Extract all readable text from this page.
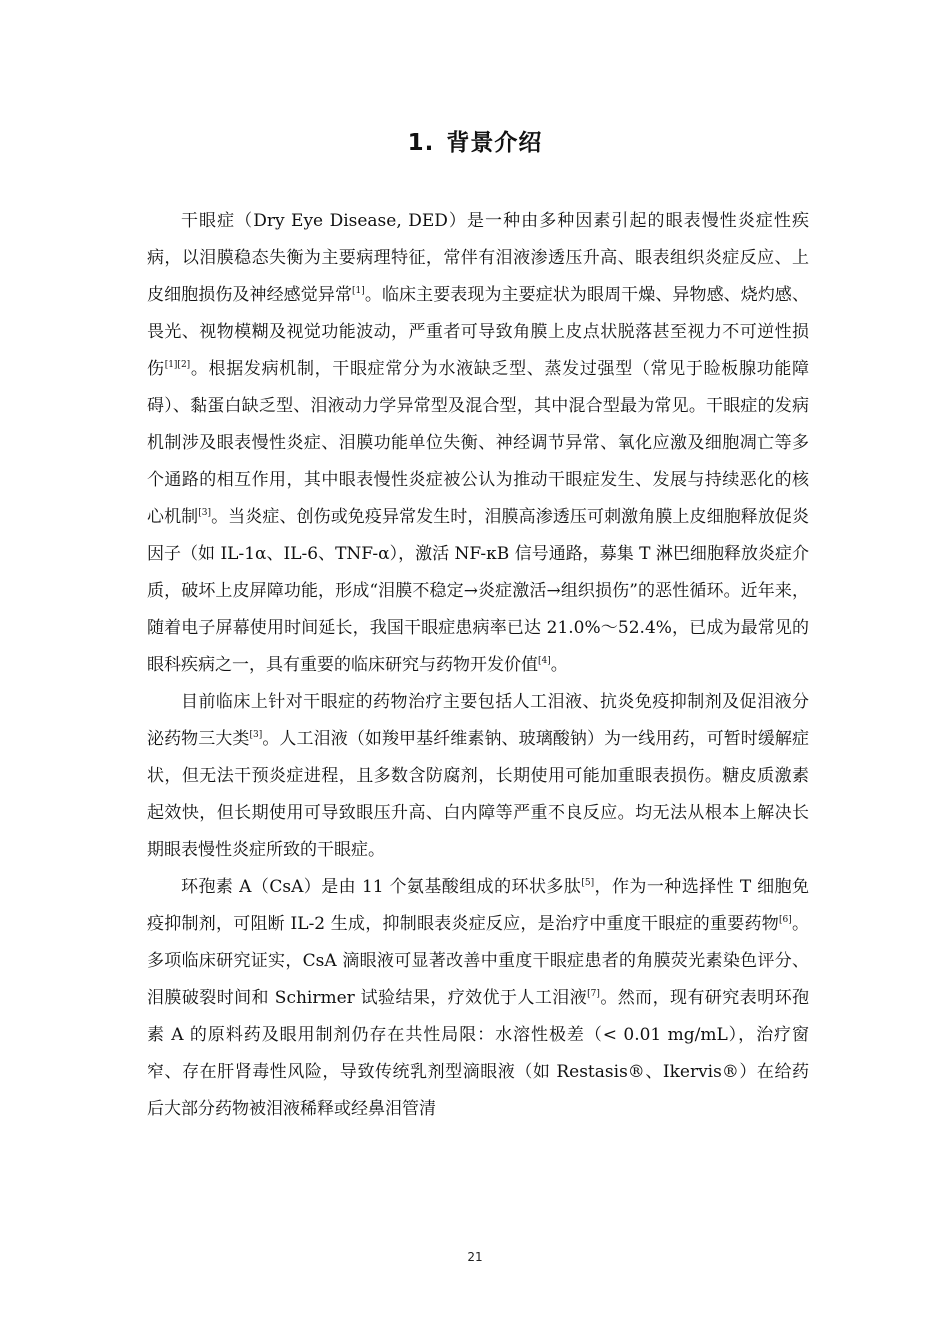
1. 背景介绍

干眼症（Dry Eye Disease, DED）是一种由多种因素引起的眼表慢性炎症性疾病，以泪膜稳态失衡为主要病理特征，常伴有泪液渗透压升高、眼表组织炎症反应、上皮细胞损伤及神经感觉异常[1]。临床主要表现为主要症状为眼周干燥、异物感、烧灼感、畏光、视物模糊及视觉功能波动，严重者可导致角膜上皮点状脱落甚至视力不可逆性损伤[1][2]。根据发病机制，干眼症常分为水液缺乏型、蒸发过强型（常见于睑板腺功能障碍）、黏蛋白缺乏型、泪液动力学异常型及混合型，其中混合型最为常见。干眼症的发病机制涉及眼表慢性炎症、泪膜功能单位失衡、神经调节异常、氧化应激及细胞凋亡等多个通路的相互作用，其中眼表慢性炎症被公认为推动干眼症发生、发展与持续恶化的核心机制[3]。当炎症、创伤或免疫异常发生时，泪膜高渗透压可刺激角膜上皮细胞释放促炎因子（如 IL-1α、IL-6、TNF-α），激活 NF-κB 信号通路，募集 T 淋巴细胞释放炎症介质，破坏上皮屏障功能，形成“泪膜不稳定→炎症激活→组织损伤”的恶性循环。近年来，随着电子屏幕使用时间延长，我国干眼症患病率已达 21.0%～52.4%，已成为最常见的眼科疾病之一，具有重要的临床研究与药物开发价值[4]。

目前临床上针对干眼症的药物治疗主要包括人工泪液、抗炎免疫抑制剂及促泪液分泌药物三大类[3]。人工泪液（如羧甲基纤维素钠、玻璃酸钠）为一线用药，可暂时缓解症状，但无法干预炎症进程，且多数含防腐剂，长期使用可能加重眼表损伤。糖皮质激素起效快，但长期使用可导致眼压升高、白内障等严重不良反应。均无法从根本上解决长期眼表慢性炎症所致的干眼症。

环孢素 A（CsA）是由 11 个氨基酸组成的环状多肽[5]，作为一种选择性 T 细胞免疫抑制剂，可阻断 IL-2 生成，抑制眼表炎症反应，是治疗中重度干眼症的重要药物[6]。多项临床研究证实，CsA 滴眼液可显著改善中重度干眼症患者的角膜荧光素染色评分、泪膜破裂时间和 Schirmer 试验结果，疗效优于人工泪液[7]。然而，现有研究表明环孢素 A 的原料药及眼用制剂仍存在共性局限：水溶性极差（< 0.01 mg/mL），治疗窗窄、存在肝肾毒性风险，导致传统乳剂型滴眼液（如 Restasis®、Ikervis®）在给药后大部分药物被泪液稀释或经鼻泪管清

21
